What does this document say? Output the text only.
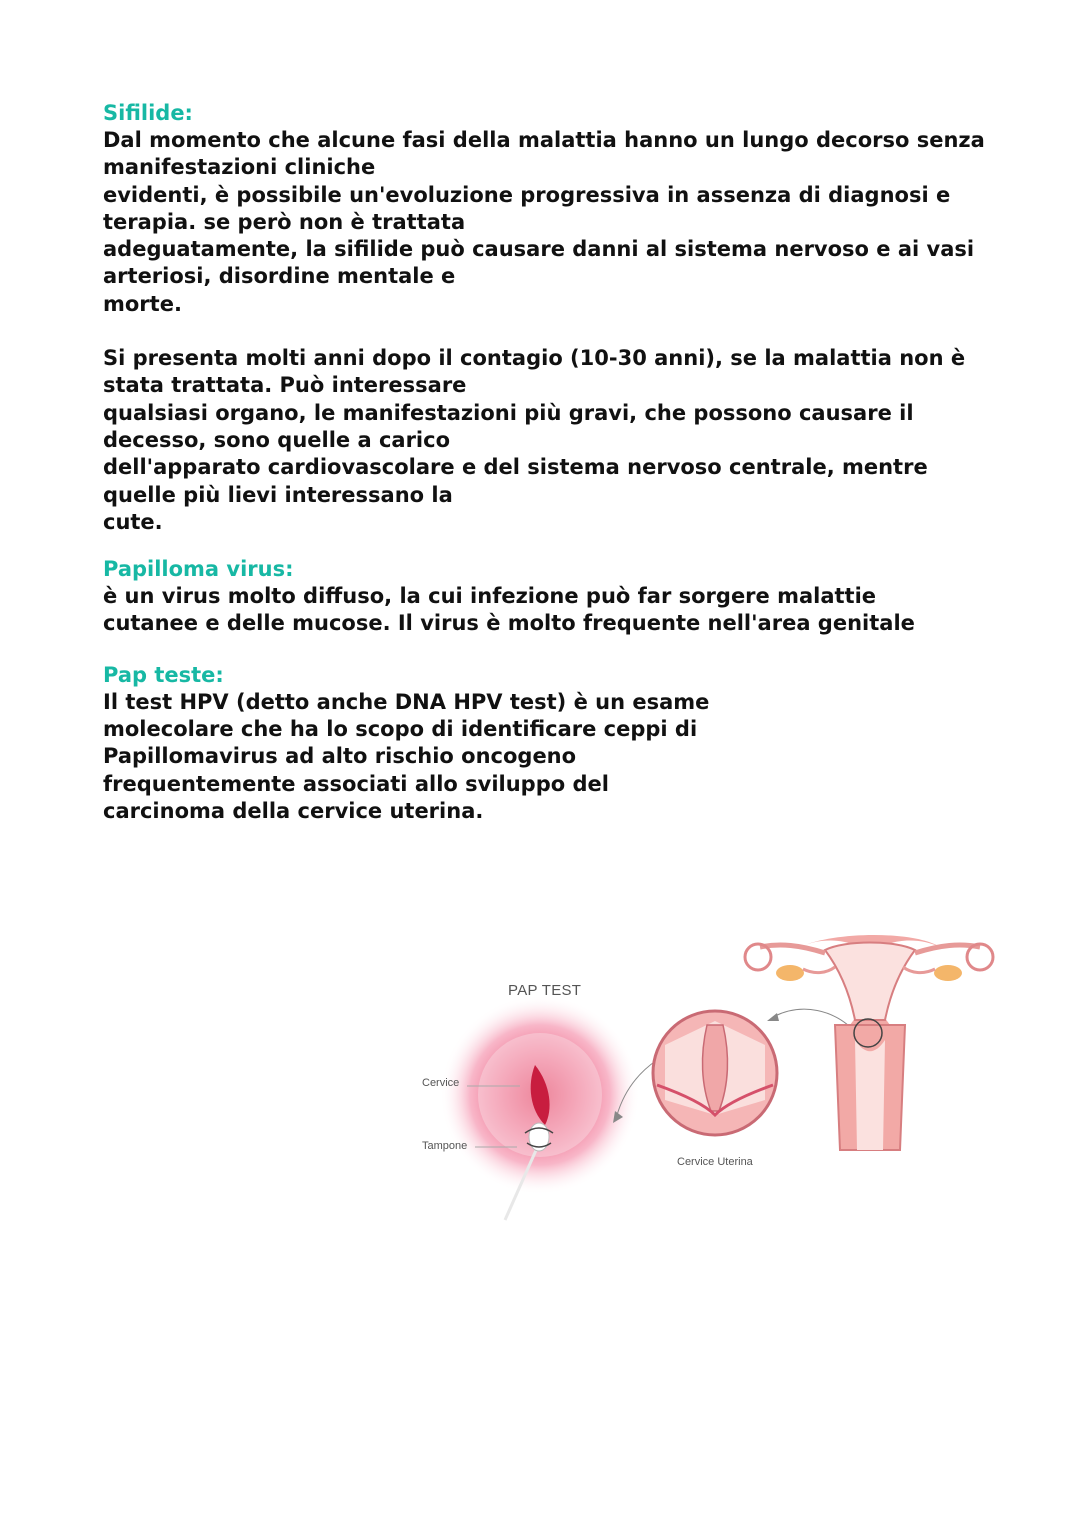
Sifilide:

Dal momento che alcune fasi della malattia hanno un lungo decorso senza
manifestazioni cliniche
evidenti, è possibile un'evoluzione progressiva in assenza di diagnosi e
terapia. se però non è trattata
adeguatamente, la sifilide può causare danni al sistema nervoso e ai vasi
arteriosi, disordine mentale e
morte.

Si presenta molti anni dopo il contagio (10-30 anni), se la malattia non è
stata trattata. Può interessare
qualsiasi organo, le manifestazioni più gravi, che possono causare il
decesso, sono quelle a carico
dell'apparato cardiovascolare e del sistema nervoso centrale, mentre
quelle più lievi interessano la
cute.

Papilloma virus:

è un virus molto diffuso, la cui infezione può far sorgere malattie
cutanee e delle mucose. Il virus è molto frequente nell'area genitale

Pap teste:

Il test HPV (detto anche DNA HPV test) è un esame
molecolare che ha lo scopo di identificare ceppi di
Papillomavirus ad alto rischio oncogeno
frequentemente associati allo sviluppo del
carcinoma della cervice uterina.

PAP TEST
Cervice
Tampone
Cervice Uterina
